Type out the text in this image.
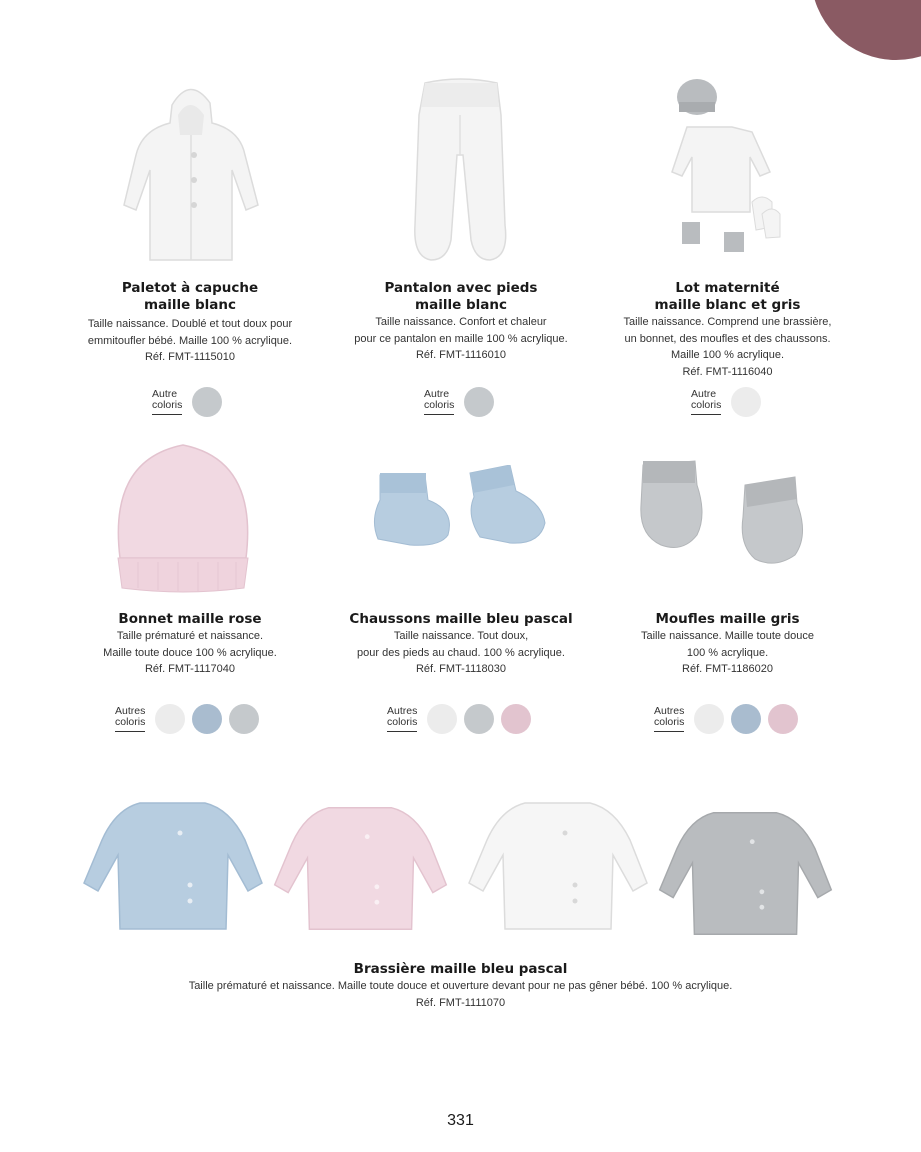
Paletot à capuche
maille blanc
Taille naissance. Doublé et tout doux pour
emmitoufler bébé. Maille 100 % acrylique.
Réf. FMT-1115010
Autre
coloris
Pantalon avec pieds
maille blanc
Taille naissance. Confort et chaleur
pour ce pantalon en maille 100 % acrylique.
Réf. FMT-1116010
Autre
coloris
Lot maternité
maille blanc et gris
Taille naissance. Comprend une brassière,
un bonnet, des moufles et des chaussons.
Maille 100 % acrylique.
Réf. FMT-1116040
Autre
coloris
Bonnet maille rose
Taille prématuré et naissance.
Maille toute douce 100 % acrylique.
Réf. FMT-1117040
Autres
coloris
Chaussons maille bleu pascal
Taille naissance. Tout doux,
pour des pieds au chaud. 100 % acrylique.
Réf. FMT-1118030
Autres
coloris
Moufles maille gris
Taille naissance. Maille toute douce
100 % acrylique.
Réf. FMT-1186020
Autres
coloris
Brassière maille bleu pascal
Taille prématuré et naissance. Maille toute douce et ouverture devant pour ne pas gêner bébé. 100 % acrylique.
Réf. FMT-1111070
331
